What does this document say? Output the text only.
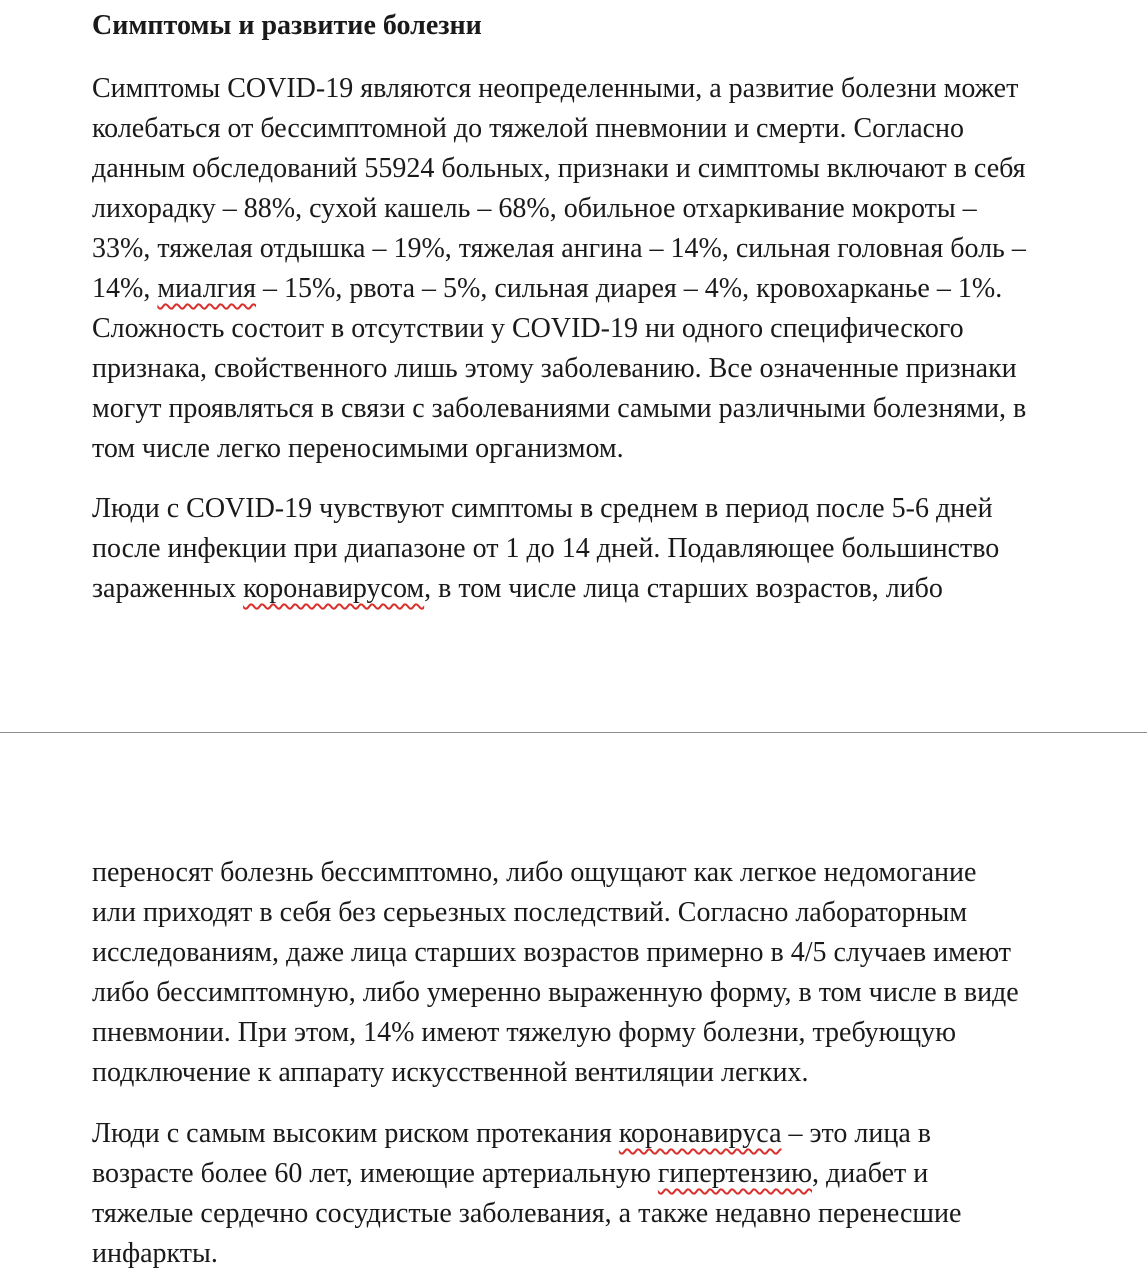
Симптомы и развитие болезни

Симптомы COVID-19 являются неопределенными, а развитие болезни может
колебаться от бессимптомной до тяжелой пневмонии и смерти. Согласно
данным обследований 55924 больных, признаки и симптомы включают в себя
лихорадку – 88%, сухой кашель – 68%, обильное отхаркивание мокроты –
33%, тяжелая отдышка – 19%, тяжелая ангина – 14%, сильная головная боль –
14%, миалгия – 15%, рвота – 5%, сильная диарея – 4%, кровохарканье – 1%.
Сложность состоит в отсутствии у COVID-19 ни одного специфического
признака, свойственного лишь этому заболеванию. Все означенные признаки
могут проявляться в связи с заболеваниями самыми различными болезнями, в
том числе легко переносимыми организмом.

Люди с COVID-19 чувствуют симптомы в среднем в период после 5-6 дней
после инфекции при диапазоне от 1 до 14 дней. Подавляющее большинство
зараженных коронавирусом, в том числе лица старших возрастов, либо

переносят болезнь бессимптомно, либо ощущают как легкое недомогание
или приходят в себя без серьезных последствий. Согласно лабораторным
исследованиям, даже лица старших возрастов примерно в 4/5 случаев имеют
либо бессимптомную, либо умеренно выраженную форму, в том числе в виде
пневмонии. При этом, 14% имеют тяжелую форму болезни, требующую
подключение к аппарату искусственной вентиляции легких.

Люди с самым высоким риском протекания коронавируса – это лица в
возрасте более 60 лет, имеющие артериальную гипертензию, диабет и
тяжелые сердечно сосудистые заболевания, а также недавно перенесшие
инфаркты.
